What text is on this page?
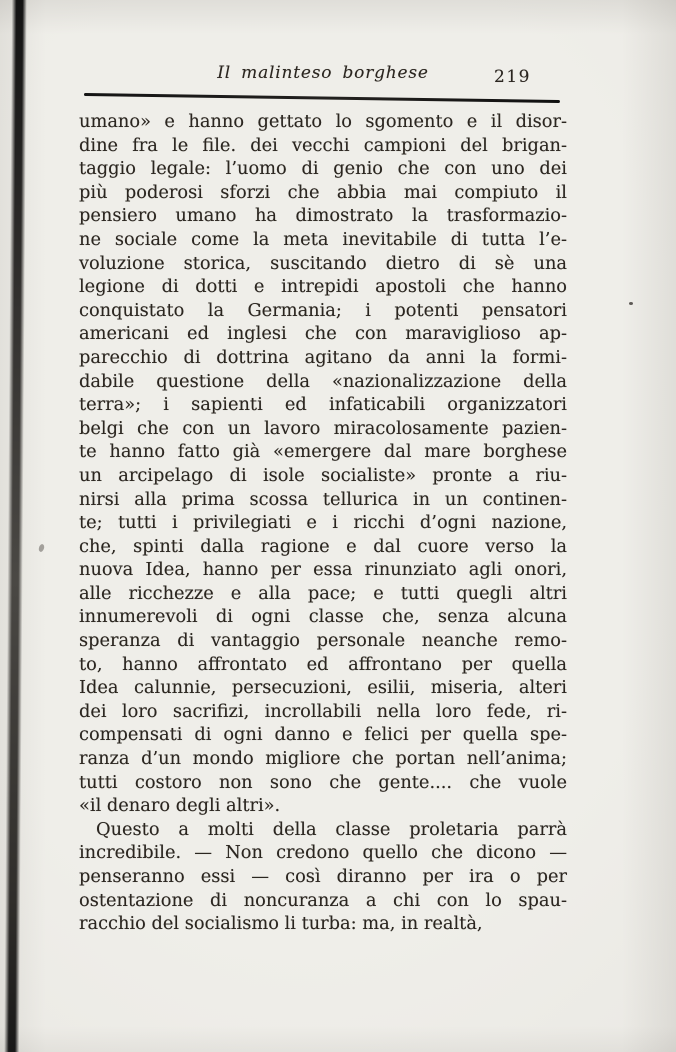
Il malinteso borghese	219
umano» e hanno gettato lo sgomento e il disor-
dine fra le file. dei vecchi campioni del brigan-
taggio legale: l’uomo di genio che con uno dei
più poderosi sforzi che abbia mai compiuto il
pensiero umano ha dimostrato la trasformazio-
ne sociale come la meta inevitabile di tutta l’e-
voluzione storica, suscitando dietro di sè una
legione di dotti e intrepidi apostoli che hanno
conquistato la Germania; i potenti pensatori
americani ed inglesi che con maraviglioso ap-
parecchio di dottrina agitano da anni la formi-
dabile questione della «nazionalizzazione della
terra»; i sapienti ed infaticabili organizzatori
belgi che con un lavoro miracolosamente pazien-
te hanno fatto già «emergere dal mare borghese
un arcipelago di isole socialiste» pronte a riu-
nirsi alla prima scossa tellurica in un continen-
te; tutti i privilegiati e i ricchi d’ogni nazione,
che, spinti dalla ragione e dal cuore verso la
nuova Idea, hanno per essa rinunziato agli onori,
alle ricchezze e alla pace; e tutti quegli altri
innumerevoli di ogni classe che, senza alcuna
speranza di vantaggio personale neanche remo-
to, hanno affrontato ed affrontano per quella
Idea calunnie, persecuzioni, esilii, miseria, alteri
dei loro sacrifizi, incrollabili nella loro fede, ri-
compensati di ogni danno e felici per quella spe-
ranza d’un mondo migliore che portan nell’anima;
tutti costoro non sono che gente.... che vuole
«il denaro degli altri».
Questo a molti della classe proletaria parrà
incredibile. — Non credono quello che dicono —
penseranno essi — così diranno per ira o per
ostentazione di noncuranza a chi con lo spau-
racchio del socialismo li turba: ma, in realtà,
